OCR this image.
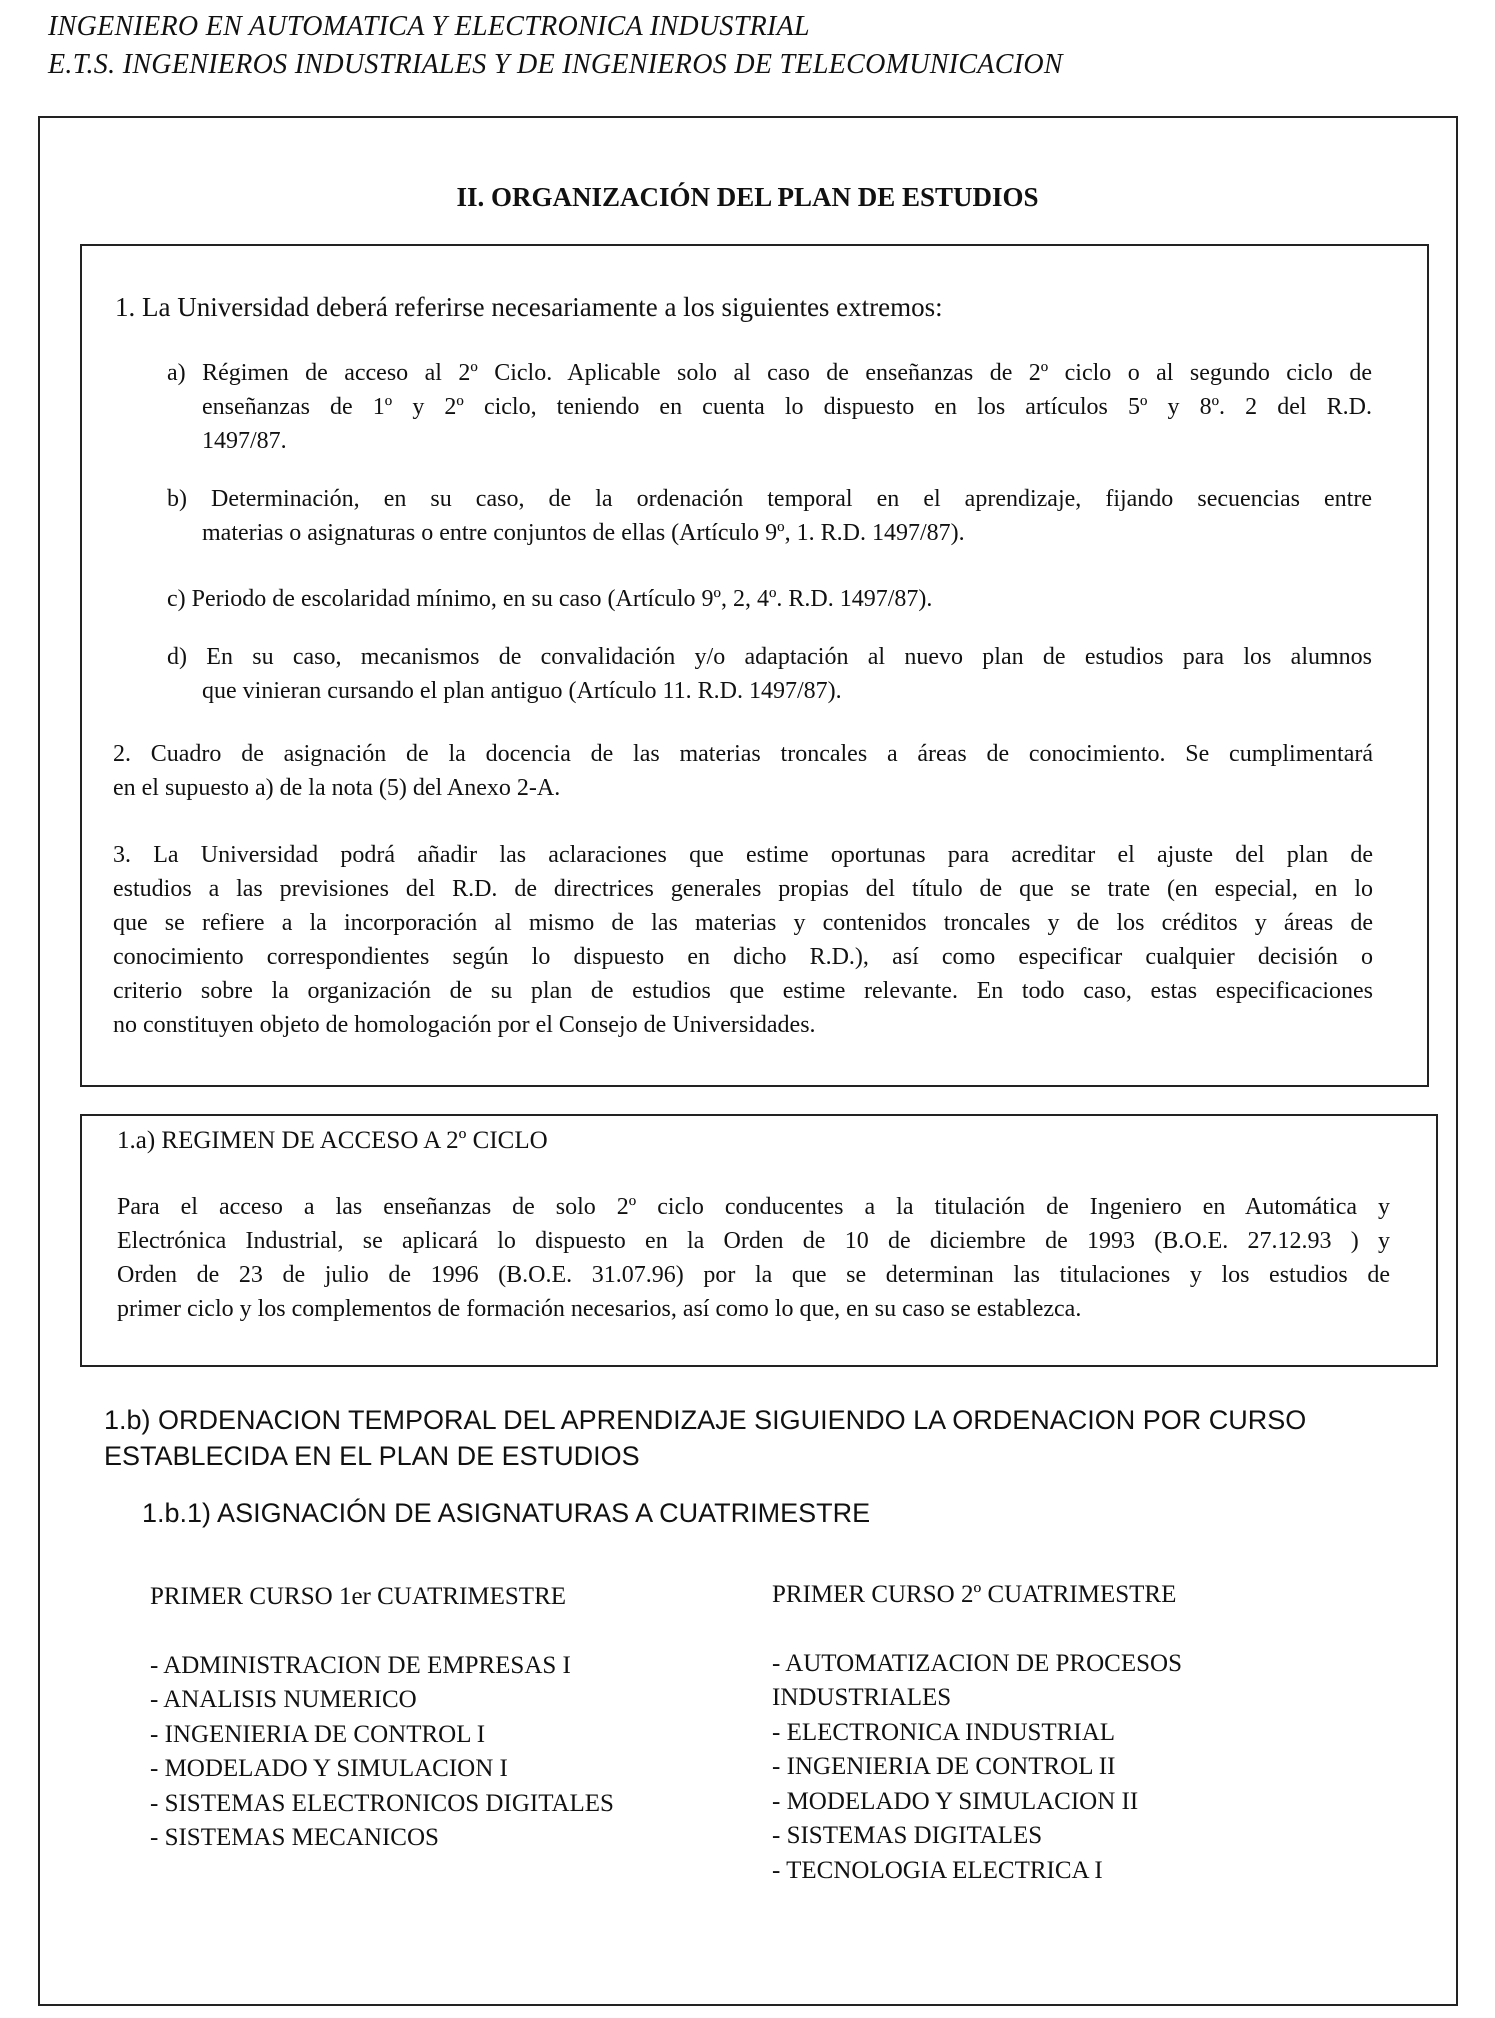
INGENIERO EN AUTOMATICA Y ELECTRONICA INDUSTRIAL
E.T.S. INGENIEROS INDUSTRIALES Y DE INGENIEROS DE TELECOMUNICACION
II. ORGANIZACIÓN DEL PLAN DE ESTUDIOS
1. La Universidad deberá referirse necesariamente a los siguientes extremos:
a) Régimen de acceso al 2º Ciclo. Aplicable solo al caso de enseñanzas de 2º ciclo o al segundo ciclo de
enseñanzas de 1º y 2º ciclo, teniendo en cuenta lo dispuesto en los artículos 5º y 8º. 2 del R.D.
1497/87.
b) Determinación, en su caso, de la ordenación temporal en el aprendizaje, fijando secuencias entre
materias o asignaturas o entre conjuntos de ellas (Artículo 9º, 1. R.D. 1497/87).
c) Periodo de escolaridad mínimo, en su caso (Artículo 9º, 2, 4º. R.D. 1497/87).
d) En su caso, mecanismos de convalidación y/o adaptación al nuevo plan de estudios para los alumnos
que vinieran cursando el plan antiguo (Artículo 11. R.D. 1497/87).
2. Cuadro de asignación de la docencia de las materias troncales a áreas de conocimiento. Se cumplimentará
en el supuesto a) de la nota (5) del Anexo 2-A.
3. La Universidad podrá añadir las aclaraciones que estime oportunas para acreditar el ajuste del plan de
estudios a las previsiones del R.D. de directrices generales propias del título de que se trate (en especial, en lo
que se refiere a la incorporación al mismo de las materias y contenidos troncales y de los créditos y áreas de
conocimiento correspondientes según lo dispuesto en dicho R.D.), así como especificar cualquier decisión o
criterio sobre la organización de su plan de estudios que estime relevante. En todo caso, estas especificaciones
no constituyen objeto de homologación por el Consejo de Universidades.
1.a) REGIMEN DE ACCESO A 2º CICLO
Para el acceso a las enseñanzas de solo 2º ciclo conducentes a la titulación de Ingeniero en Automática y
Electrónica Industrial, se aplicará lo dispuesto en la Orden de 10 de diciembre de 1993 (B.O.E. 27.12.93 ) y
Orden de 23 de julio de 1996 (B.O.E. 31.07.96) por la que se determinan las titulaciones y los estudios de
primer ciclo y los complementos de formación necesarios, así como lo que, en su caso se establezca.
1.b) ORDENACION TEMPORAL DEL APRENDIZAJE SIGUIENDO LA ORDENACION POR CURSO
ESTABLECIDA EN EL PLAN DE ESTUDIOS
1.b.1) ASIGNACIÓN DE ASIGNATURAS A CUATRIMESTRE
PRIMER CURSO 1er CUATRIMESTRE
- ADMINISTRACION DE EMPRESAS I
- ANALISIS NUMERICO
- INGENIERIA DE CONTROL I
- MODELADO Y SIMULACION I
- SISTEMAS ELECTRONICOS DIGITALES
- SISTEMAS MECANICOS
PRIMER CURSO 2º CUATRIMESTRE
- AUTOMATIZACION DE PROCESOS
INDUSTRIALES
- ELECTRONICA INDUSTRIAL
- INGENIERIA DE CONTROL II
- MODELADO Y SIMULACION II
- SISTEMAS DIGITALES
- TECNOLOGIA ELECTRICA I
